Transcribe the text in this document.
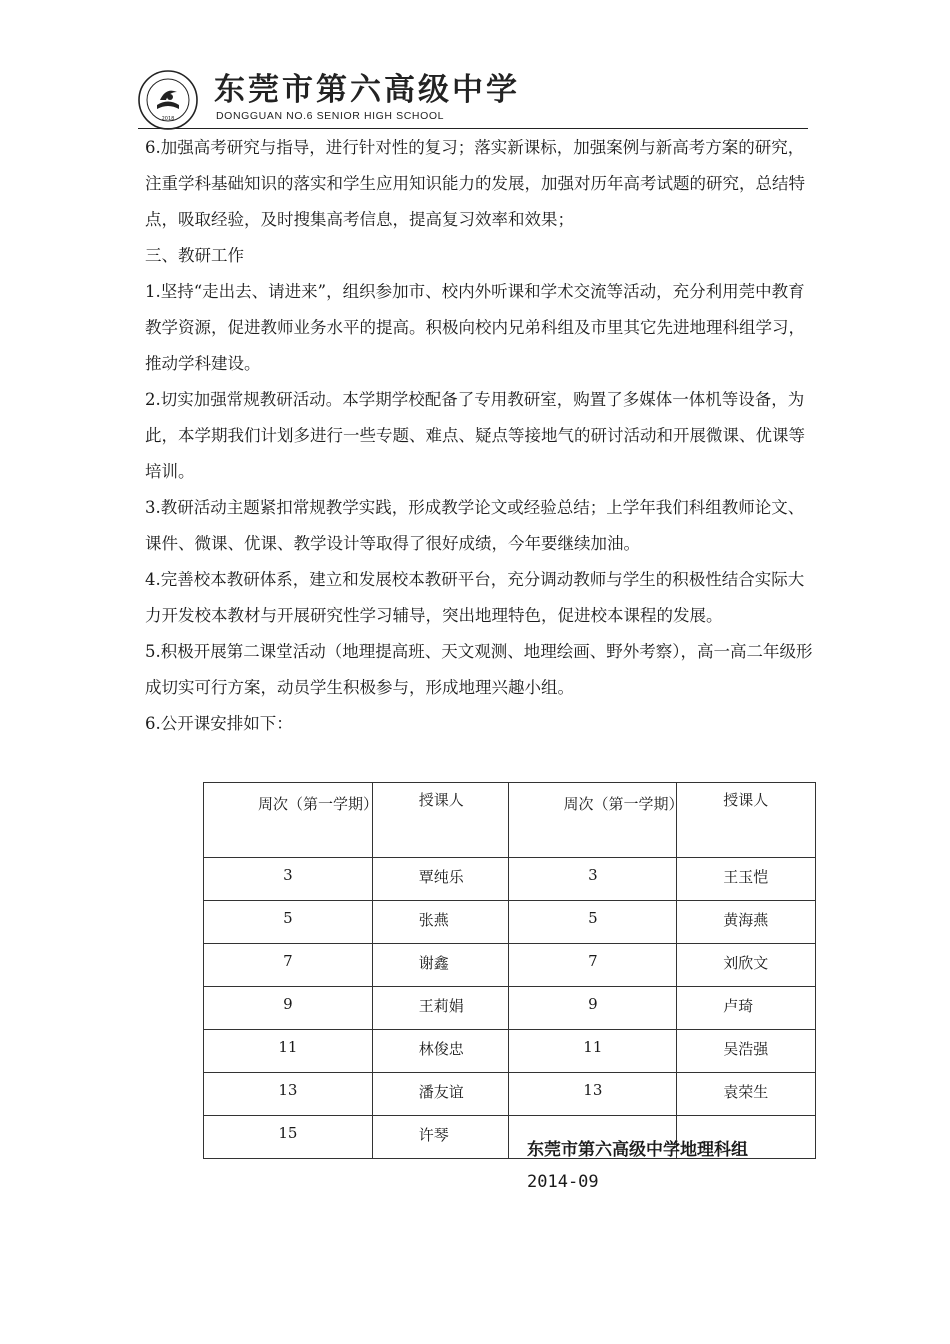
2018
东莞市第六高级中学
DONGGUAN NO.6 SENIOR HIGH SCHOOL

6.加强高考研究与指导，进行针对性的复习；落实新课标，加强案例与新高考方案的研究，注重学科基础知识的落实和学生应用知识能力的发展，加强对历年高考试题的研究，总结特点，吸取经验，及时搜集高考信息，提高复习效率和效果；

三、教研工作

1.坚持“走出去、请进来”，组织参加市、校内外听课和学术交流等活动，充分利用莞中教育教学资源，促进教师业务水平的提高。积极向校内兄弟科组及市里其它先进地理科组学习，推动学科建设。

2.切实加强常规教研活动。本学期学校配备了专用教研室，购置了多媒体一体机等设备，为此，本学期我们计划多进行一些专题、难点、疑点等接地气的研讨活动和开展微课、优课等培训。

3.教研活动主题紧扣常规教学实践，形成教学论文或经验总结；上学年我们科组教师论文、课件、微课、优课、教学设计等取得了很好成绩，今年要继续加油。

4.完善校本教研体系，建立和发展校本教研平台，充分调动教师与学生的积极性结合实际大力开发校本教材与开展研究性学习辅导，突出地理特色，促进校本课程的发展。

5.积极开展第二课堂活动（地理提高班、天文观测、地理绘画、野外考察），高一高二年级形成切实可行方案，动员学生积极参与，形成地理兴趣小组。

6.公开课安排如下：

周次（第一学期）	授课人	周次（第一学期）	授课人
3	覃纯乐	3	王玉恺
5	张燕	5	黄海燕
7	谢鑫	7	刘欣文
9	王莉娟	9	卢琦
11	林俊忠	11	吴浩强
13	潘友谊	13	袁荣生
15	许琴		
东莞市第六高级中学地理科组
2014-09
